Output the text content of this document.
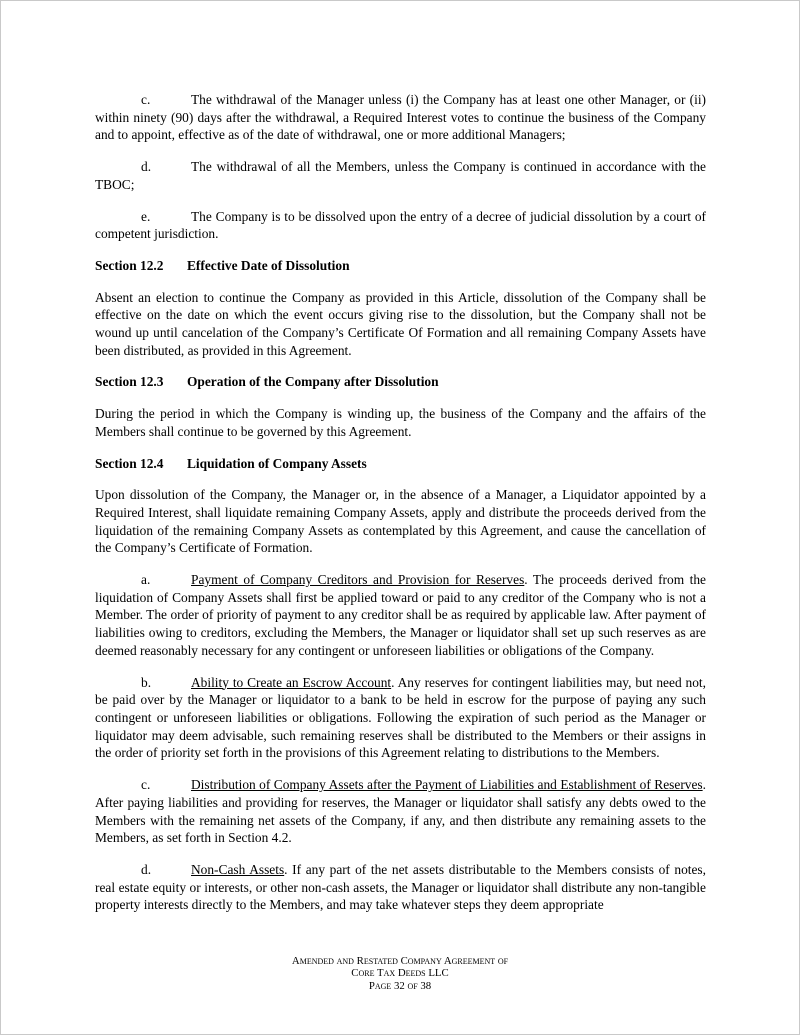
c.	The withdrawal of the Manager unless (i) the Company has at least one other Manager, or (ii) within ninety (90) days after the withdrawal, a Required Interest votes to continue the business of the Company and to appoint, effective as of the date of withdrawal, one or more additional Managers;

d.	The withdrawal of all the Members, unless the Company is continued in accordance with the TBOC;

e.	The Company is to be dissolved upon the entry of a decree of judicial dissolution by a court of competent jurisdiction.

Section 12.2 Effective Date of Dissolution

Absent an election to continue the Company as provided in this Article, dissolution of the Company shall be effective on the date on which the event occurs giving rise to the dissolution, but the Company shall not be wound up until cancelation of the Company’s Certificate Of Formation and all remaining Company Assets have been distributed, as provided in this Agreement.

Section 12.3 Operation of the Company after Dissolution

During the period in which the Company is winding up, the business of the Company and the affairs of the Members shall continue to be governed by this Agreement.

Section 12.4 Liquidation of Company Assets

Upon dissolution of the Company, the Manager or, in the absence of a Manager, a Liquidator appointed by a Required Interest, shall liquidate remaining Company Assets, apply and distribute the proceeds derived from the liquidation of the remaining Company Assets as contemplated by this Agreement, and cause the cancellation of the Company’s Certificate of Formation.

a.	Payment of Company Creditors and Provision for Reserves. The proceeds derived from the liquidation of Company Assets shall first be applied toward or paid to any creditor of the Company who is not a Member. The order of priority of payment to any creditor shall be as required by applicable law. After payment of liabilities owing to creditors, excluding the Members, the Manager or liquidator shall set up such reserves as are deemed reasonably necessary for any contingent or unforeseen liabilities or obligations of the Company.

b.	Ability to Create an Escrow Account. Any reserves for contingent liabilities may, but need not, be paid over by the Manager or liquidator to a bank to be held in escrow for the purpose of paying any such contingent or unforeseen liabilities or obligations. Following the expiration of such period as the Manager or liquidator may deem advisable, such remaining reserves shall be distributed to the Members or their assigns in the order of priority set forth in the provisions of this Agreement relating to distributions to the Members.

c.	Distribution of Company Assets after the Payment of Liabilities and Establishment of Reserves. After paying liabilities and providing for reserves, the Manager or liquidator shall satisfy any debts owed to the Members with the remaining net assets of the Company, if any, and then distribute any remaining assets to the Members, as set forth in Section 4.2.

d.	Non-Cash Assets. If any part of the net assets distributable to the Members consists of notes, real estate equity or interests, or other non-cash assets, the Manager or liquidator shall distribute any non-tangible property interests directly to the Members, and may take whatever steps they deem appropriate

Amended and Restated Company Agreement of
Core Tax Deeds LLC
Page 32 of 38
